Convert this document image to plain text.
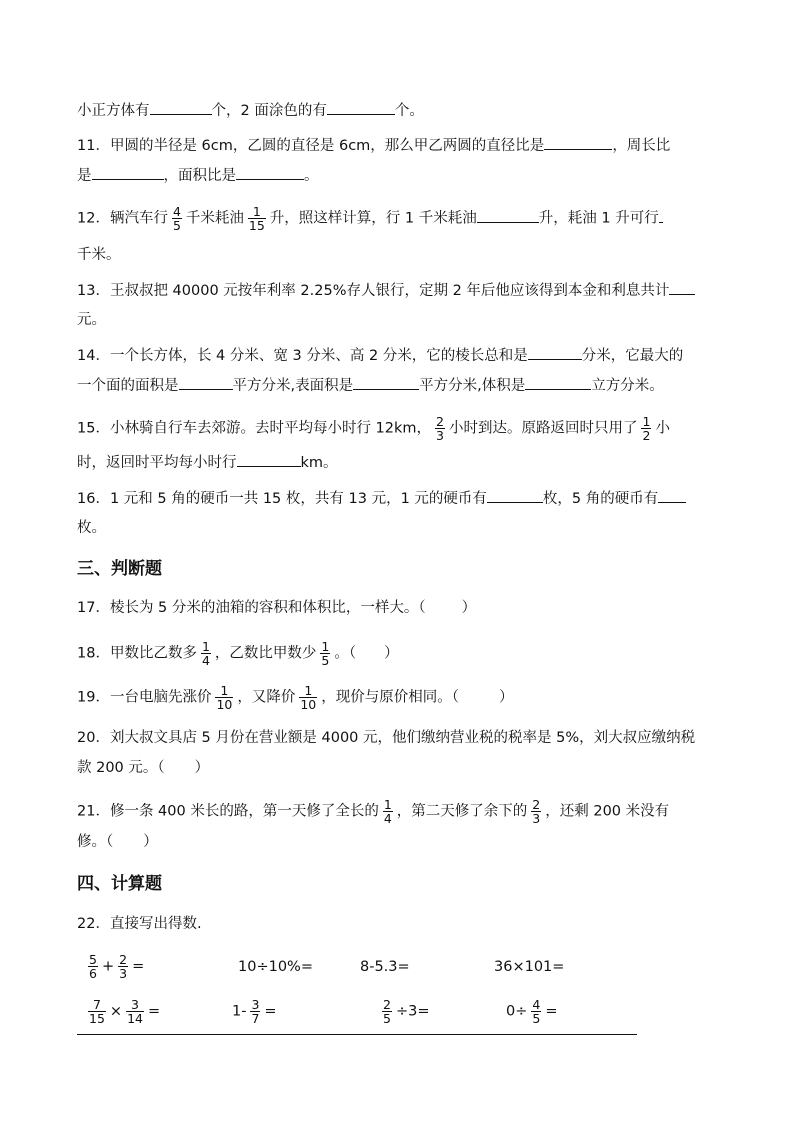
小正方体有	个，2 面涂色的有	个。
11．甲圆的半径是 6cm，乙圆的直径是 6cm，那么甲乙两圆的直径比是	，周长比
是	，面积比是	。
12．辆汽车行 $\frac{4}{5}$ 千米耗油 $\frac{1}{15}$ 升，照这样计算，行 1 千米耗油	升，耗油 1 升可行
千米。
13．王叔叔把 40000 元按年利率 2.25%存人银行，定期 2 年后他应该得到本金和利息共计
元。
14．一个长方体，长 4 分米、宽 3 分米、高 2 分米，它的棱长总和是	分米，它最大的
一个面的面积是	平方分米,表面积是	平方分米,体积是	立方分米。
15．小林骑自行车去郊游。去时平均每小时行 12km， $\frac{2}{3}$ 小时到达。原路返回时只用了 $\frac{1}{2}$ 小
时，返回时平均每小时行	km。
16．1 元和 5 角的硬币一共 15 枚，共有 13 元，1 元的硬币有	枚，5 角的硬币有
枚。
三、判断题
17．棱长为 5 分米的油箱的容积和体积比，一样大。（ ）
18．甲数比乙数多 $\frac{1}{4}$ ，乙数比甲数少 $\frac{1}{5}$ 。（ ）
19．一台电脑先涨价 $\frac{1}{10}$ ，又降价 $\frac{1}{10}$ ，现价与原价相同。（	）
20．刘大叔文具店 5 月份在营业额是 4000 元，他们缴纳营业税的税率是 5%，刘大叔应缴纳税
款 200 元。（ ）
21．修一条 400 米长的路，第一天修了全长的 $\frac{1}{4}$ ，第二天修了余下的 $\frac{2}{3}$ ，还剩 200 米没有
修。（ ）
四、计算题
22．直接写出得数.
$\frac{5}{6} + \frac{2}{3}$ =	10÷10%=	8-5.3=	36×101=
$\frac{7}{15} \times \frac{3}{14}$ =	$1- \frac{3}{7}$ =	$\frac{2}{5} \div 3=$	$0\div \frac{4}{5}$ =
